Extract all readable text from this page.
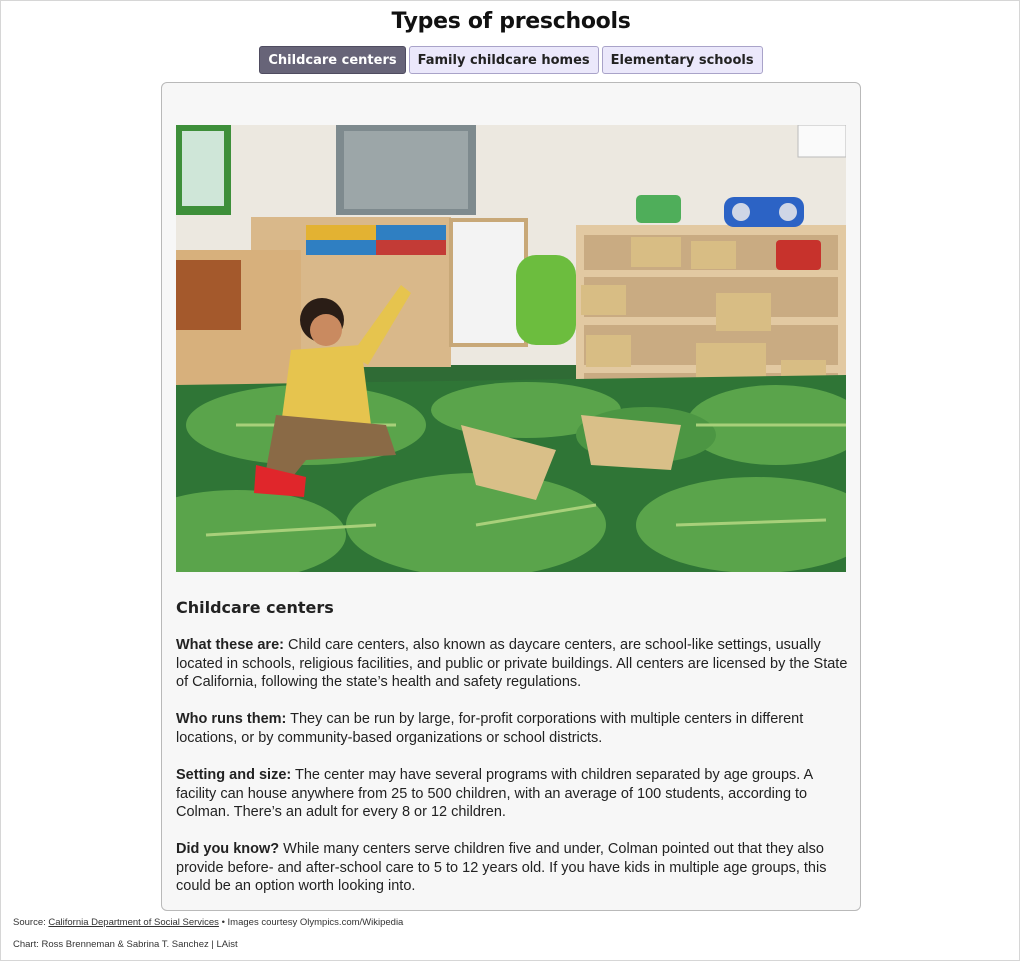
Types of preschools
Childcare centers	Family childcare homes	Elementary schools
Childcare centers

What these are: Child care centers, also known as daycare centers, are school-like settings, usually located in schools, religious facilities, and public or private buildings. All centers are licensed by the State of California, following the state’s health and safety regulations.

Who runs them: They can be run by large, for-profit corporations with multiple centers in different locations, or by community-based organizations or school districts.

Setting and size: The center may have several programs with children separated by age groups. A facility can house anywhere from 25 to 500 children, with an average of 100 students, according to Colman. There’s an adult for every 8 or 12 children.

Did you know? While many centers serve children five and under, Colman pointed out that they also provide before- and after-school care to 5 to 12 years old. If you have kids in multiple age groups, this could be an option worth looking into.

Source: California Department of Social Services • Images courtesy Olympics.com/Wikipedia
Chart: Ross Brenneman & Sabrina T. Sanchez | LAist
